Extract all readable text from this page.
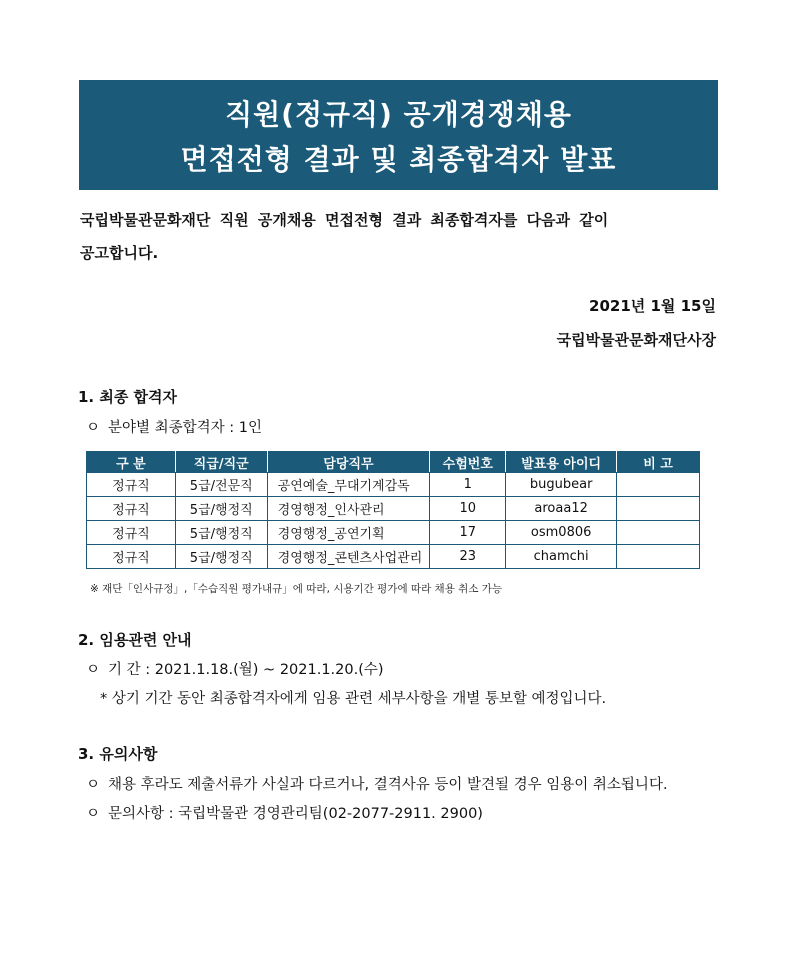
직원(정규직) 공개경쟁채용
면접전형 결과 및 최종합격자 발표
국립박물관문화재단 직원 공개채용 면접전형 결과 최종합격자를 다음과 같이
공고합니다.
2021년 1월 15일
국립박물관문화재단사장
1. 최종 합격자
ㅇ 분야별 최종합격자 : 1인
구 분	직급/직군	담당직무	수험번호	발표용 아이디	비 고
정규직	5급/전문직	공연예술_무대기계감독	1	bugubear	
정규직	5급/행정직	경영행정_인사관리	10	aroaa12	
정규직	5급/행정직	경영행정_공연기획	17	osm0806	
정규직	5급/행정직	경영행정_콘텐츠사업관리	23	chamchi	
※ 재단「인사규정」,「수습직원 평가내규」에 따라, 시용기간 평가에 따라 채용 취소 가능
2. 임용관련 안내
ㅇ 기 간 : 2021.1.18.(월) ~ 2021.1.20.(수)
* 상기 기간 동안 최종합격자에게 임용 관련 세부사항을 개별 통보할 예정입니다.
3. 유의사항
ㅇ 채용 후라도 제출서류가 사실과 다르거나, 결격사유 등이 발견될 경우 임용이 취소됩니다.
ㅇ 문의사항 : 국립박물관 경영관리팀(02-2077-2911. 2900)
